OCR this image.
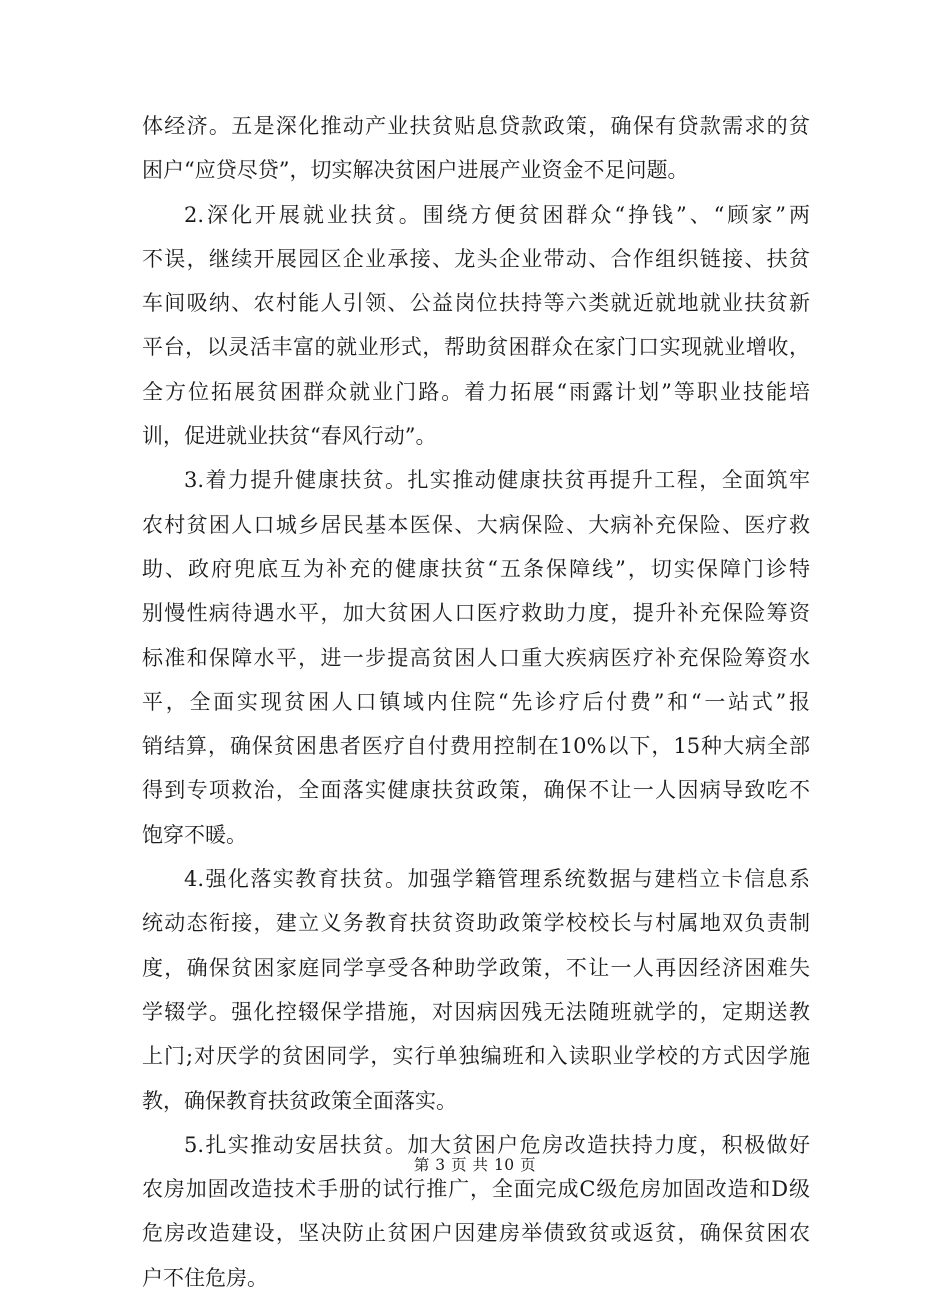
体经济。五是深化推动产业扶贫贴息贷款政策，确保有贷款需求的贫
困户“应贷尽贷”，切实解决贫困户进展产业资金不足问题。
2.深化开展就业扶贫。围绕方便贫困群众“挣钱”、“顾家”两
不误，继续开展园区企业承接、龙头企业带动、合作组织链接、扶贫
车间吸纳、农村能人引领、公益岗位扶持等六类就近就地就业扶贫新
平台，以灵活丰富的就业形式，帮助贫困群众在家门口实现就业增收，
全方位拓展贫困群众就业门路。着力拓展“雨露计划”等职业技能培
训，促进就业扶贫“春风行动”。
3.着力提升健康扶贫。扎实推动健康扶贫再提升工程，全面筑牢
农村贫困人口城乡居民基本医保、大病保险、大病补充保险、医疗救
助、政府兜底互为补充的健康扶贫“五条保障线”，切实保障门诊特
别慢性病待遇水平，加大贫困人口医疗救助力度，提升补充保险筹资
标准和保障水平，进一步提高贫困人口重大疾病医疗补充保险筹资水
平，全面实现贫困人口镇域内住院“先诊疗后付费”和“一站式”报
销结算，确保贫困患者医疗自付费用控制在10%以下，15种大病全部
得到专项救治，全面落实健康扶贫政策，确保不让一人因病导致吃不
饱穿不暖。
4.强化落实教育扶贫。加强学籍管理系统数据与建档立卡信息系
统动态衔接，建立义务教育扶贫资助政策学校校长与村属地双负责制
度，确保贫困家庭同学享受各种助学政策，不让一人再因经济困难失
学辍学。强化控辍保学措施，对因病因残无法随班就学的，定期送教
上门;对厌学的贫困同学，实行单独编班和入读职业学校的方式因学施
教，确保教育扶贫政策全面落实。
5.扎实推动安居扶贫。加大贫困户危房改造扶持力度，积极做好
农房加固改造技术手册的试行推广，全面完成C级危房加固改造和D级
危房改造建设，坚决防止贫困户因建房举债致贫或返贫，确保贫困农
户不住危房。
第 3 页 共 10 页
